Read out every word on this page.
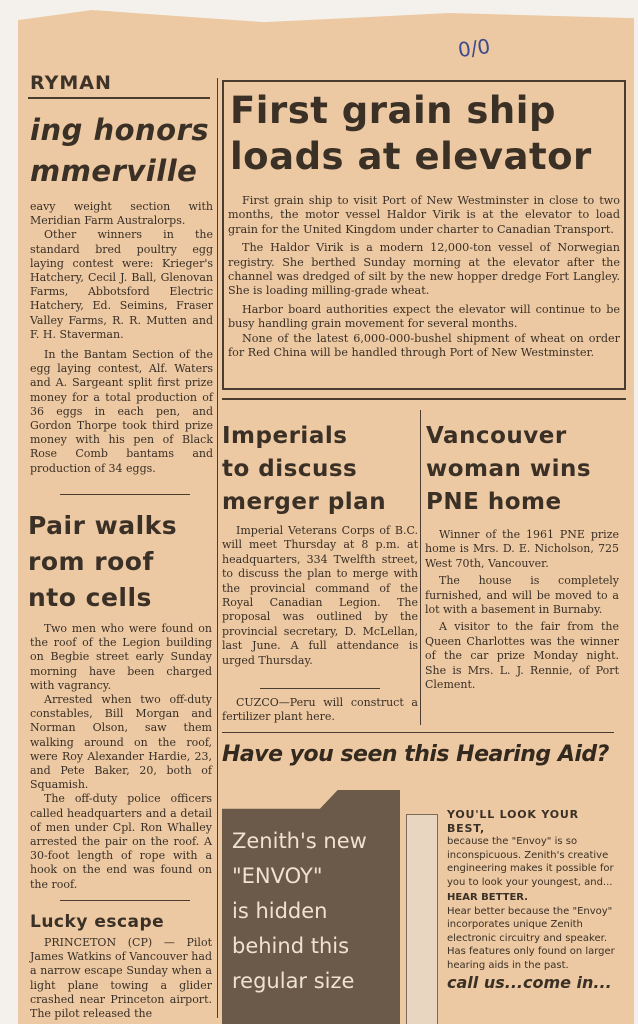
0/0
RYMAN
ing honors
mmerville

eavy weight section with Meridian Farm Australorps.

Other winners in the standard bred poultry egg laying contest were: Krieger's Hatchery, Cecil J. Ball, Glenovan Farms, Abbotsford Electric Hatchery, Ed. Seimins, Fraser Valley Farms, R. R. Mutten and F. H. Staverman.

In the Bantam Section of the egg laying contest, Alf. Waters and A. Sargeant split first prize money for a total production of 36 eggs in each pen, and Gordon Thorpe took third prize money with his pen of Black Rose Comb bantams and production of 34 eggs.

Pair walks
rom roof
nto cells

Two men who were found on the roof of the Legion building on Begbie street early Sunday morning have been charged with vagrancy.

Arrested when two off-duty constables, Bill Morgan and Norman Olson, saw them walking around on the roof, were Roy Alexander Hardie, 23, and Pete Baker, 20, both of Squamish.

The off-duty police officers called headquarters and a detail of men under Cpl. Ron Whalley arrested the pair on the roof. A 30-foot length of rope with a hook on the end was found on the roof.

Lucky escape

PRINCETON (CP) — Pilot James Watkins of Vancouver had a narrow escape Sunday when a light plane towing a glider crashed near Princeton airport. The pilot released the

First grain ship
loads at elevator

First grain ship to visit Port of New Westminster in close to two months, the motor vessel Haldor Virik is at the elevator to load grain for the United Kingdom under charter to Canadian Transport.

The Haldor Virik is a modern 12,000-ton vessel of Norwegian registry. She berthed Sunday morning at the elevator after the channel was dredged of silt by the new hopper dredge Fort Langley. She is loading milling-grade wheat.

Harbor board authorities expect the elevator will continue to be busy handling grain movement for several months.

None of the latest 6,000-000-bushel shipment of wheat on order for Red China will be handled through Port of New Westminster.

Imperials
to discuss
merger plan

Imperial Veterans Corps of B.C. will meet Thursday at 8 p.m. at headquarters, 334 Twelfth street, to discuss the plan to merge with the provincial command of the Royal Canadian Legion. The proposal was outlined by the provincial secretary, D. McLellan, last June. A full attendance is urged Thursday.

CUZCO—Peru will construct a fertilizer plant here.

Vancouver
woman wins
PNE home

Winner of the 1961 PNE prize home is Mrs. D. E. Nicholson, 725 West 70th, Vancouver.

The house is completely furnished, and will be moved to a lot with a basement in Burnaby.

A visitor to the fair from the Queen Charlottes was the winner of the car prize Monday night. She is Mrs. L. J. Rennie, of Port Clement.

Have you seen this Hearing Aid?
Zenith's new
"ENVOY"
is hidden
behind this
regular size
YOU'LL LOOK YOUR BEST,
because the "Envoy" is so inconspicuous. Zenith's creative engineering makes it possible for you to look your youngest, and...
HEAR BETTER.
Hear better because the "Envoy" incorporates unique Zenith electronic circuitry and speaker. Has features only found on larger hearing aids in the past.
call us...come in...
